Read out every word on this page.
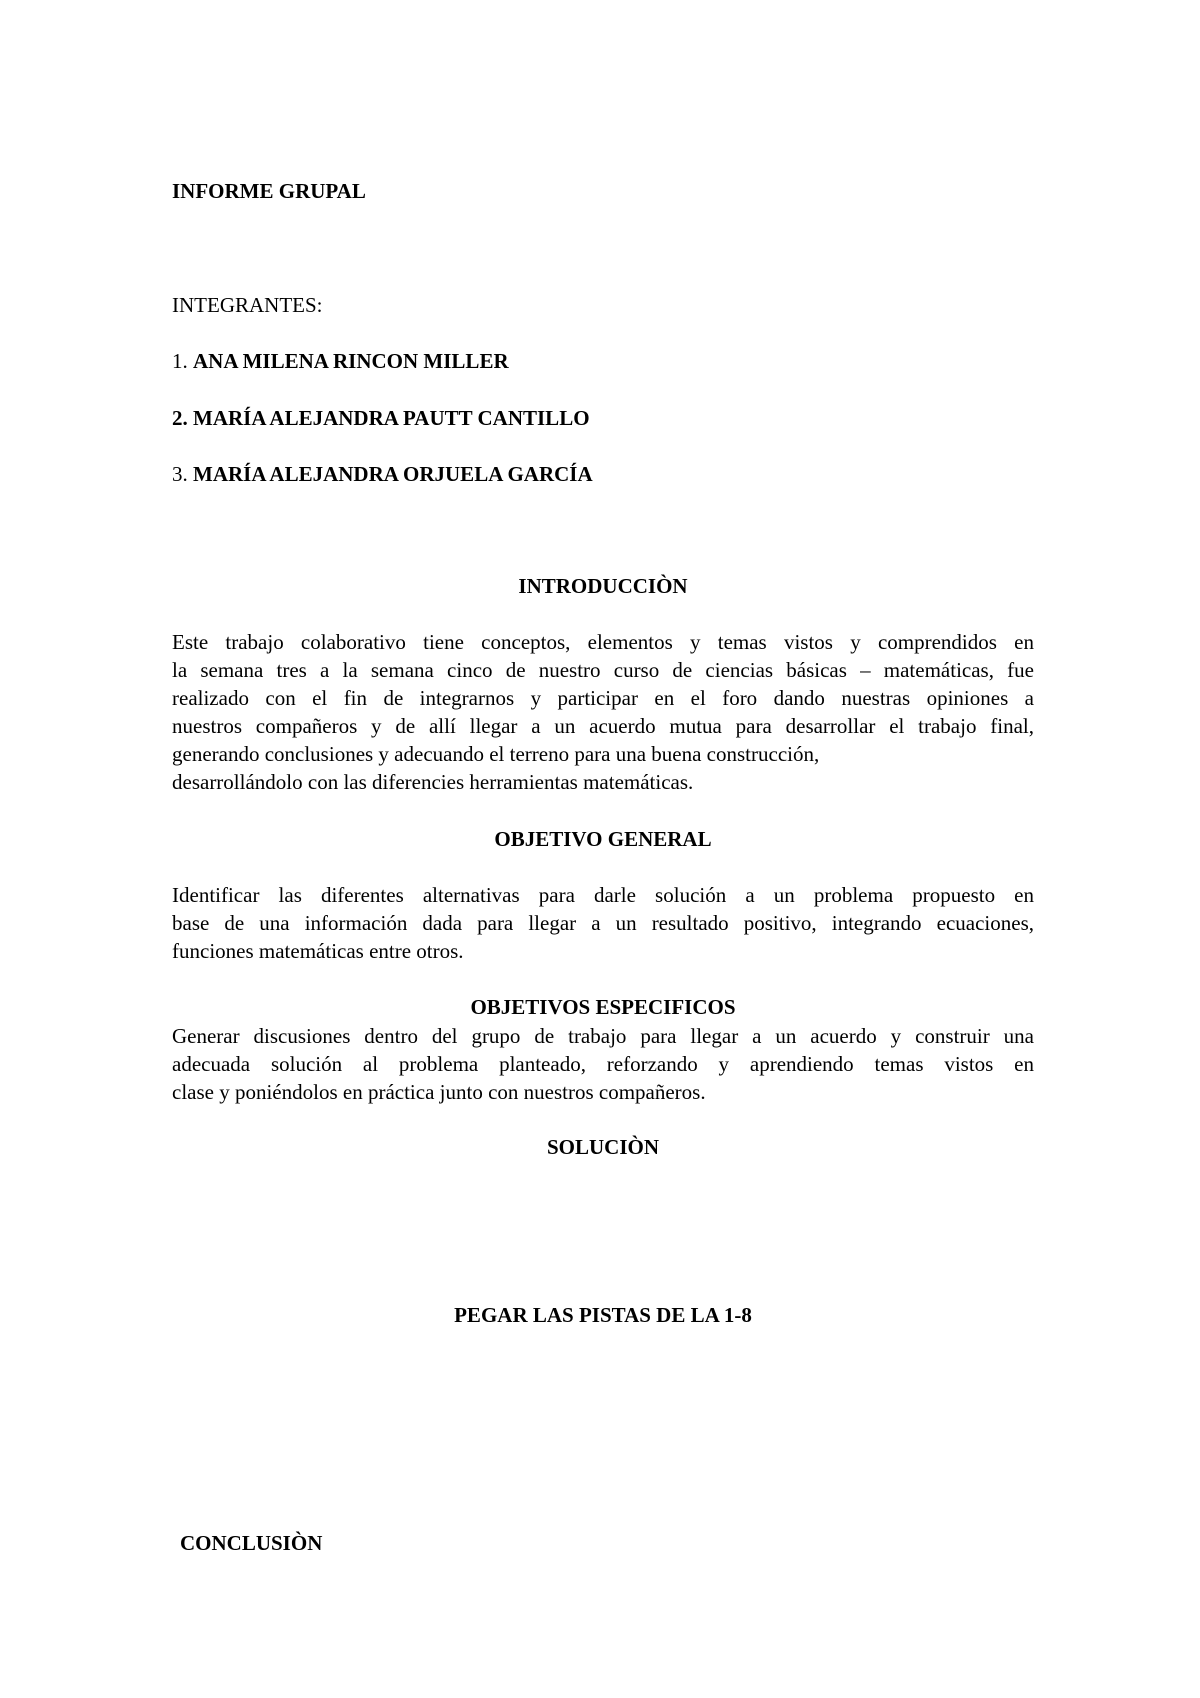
INFORME GRUPAL
INTEGRANTES:
1. ANA MILENA RINCON MILLER
2. MARÍA ALEJANDRA PAUTT CANTILLO
3. MARÍA ALEJANDRA ORJUELA GARCÍA
INTRODUCCIÒN
Este trabajo colaborativo tiene conceptos, elementos y temas vistos y comprendidos en
la semana tres a la semana cinco de nuestro curso de ciencias básicas – matemáticas, fue
realizado con el fin de integrarnos y participar en el foro dando nuestras opiniones a
nuestros compañeros y de allí llegar a un acuerdo mutua para desarrollar el trabajo final,
generando conclusiones y adecuando el terreno para una buena construcción,
desarrollándolo con las diferencies herramientas matemáticas.
OBJETIVO GENERAL
Identificar las diferentes alternativas para darle solución a un problema propuesto en
base de una información dada para llegar a un resultado positivo, integrando ecuaciones,
funciones matemáticas entre otros.
OBJETIVOS ESPECIFICOS
Generar discusiones dentro del grupo de trabajo para llegar a un acuerdo y construir una
adecuada solución al problema planteado, reforzando y aprendiendo temas vistos en
clase y poniéndolos en práctica junto con nuestros compañeros.
SOLUCIÒN
PEGAR LAS PISTAS DE LA 1-8
CONCLUSIÒN
